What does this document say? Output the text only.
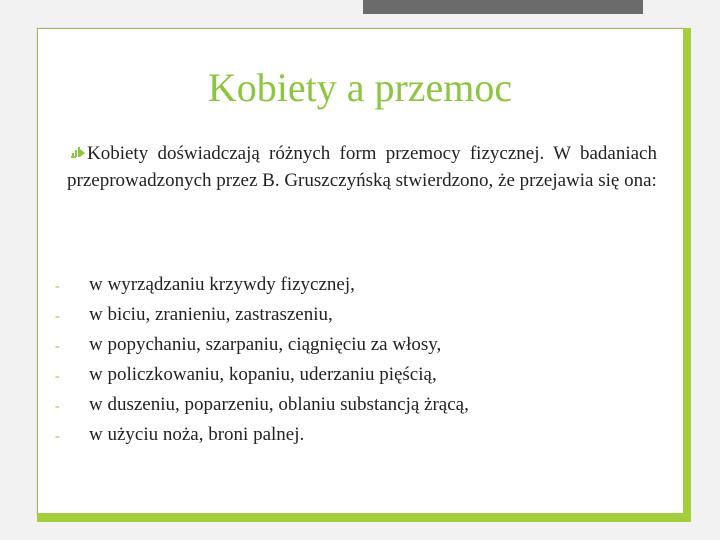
Kobiety a przemoc
Kobiety doświadczają różnych form przemocy fizycznej. W badaniach przeprowadzonych przez B. Gruszczyńską stwierdzono, że przejawia się ona:
-	w wyrządzaniu krzywdy fizycznej,
-	w biciu, zranieniu, zastraszeniu,
-	w popychaniu, szarpaniu, ciągnięciu za włosy,
-	w policzkowaniu, kopaniu, uderzaniu pięścią,
-	w duszeniu, poparzeniu, oblaniu substancją żrącą,
-	w użyciu noża, broni palnej.
